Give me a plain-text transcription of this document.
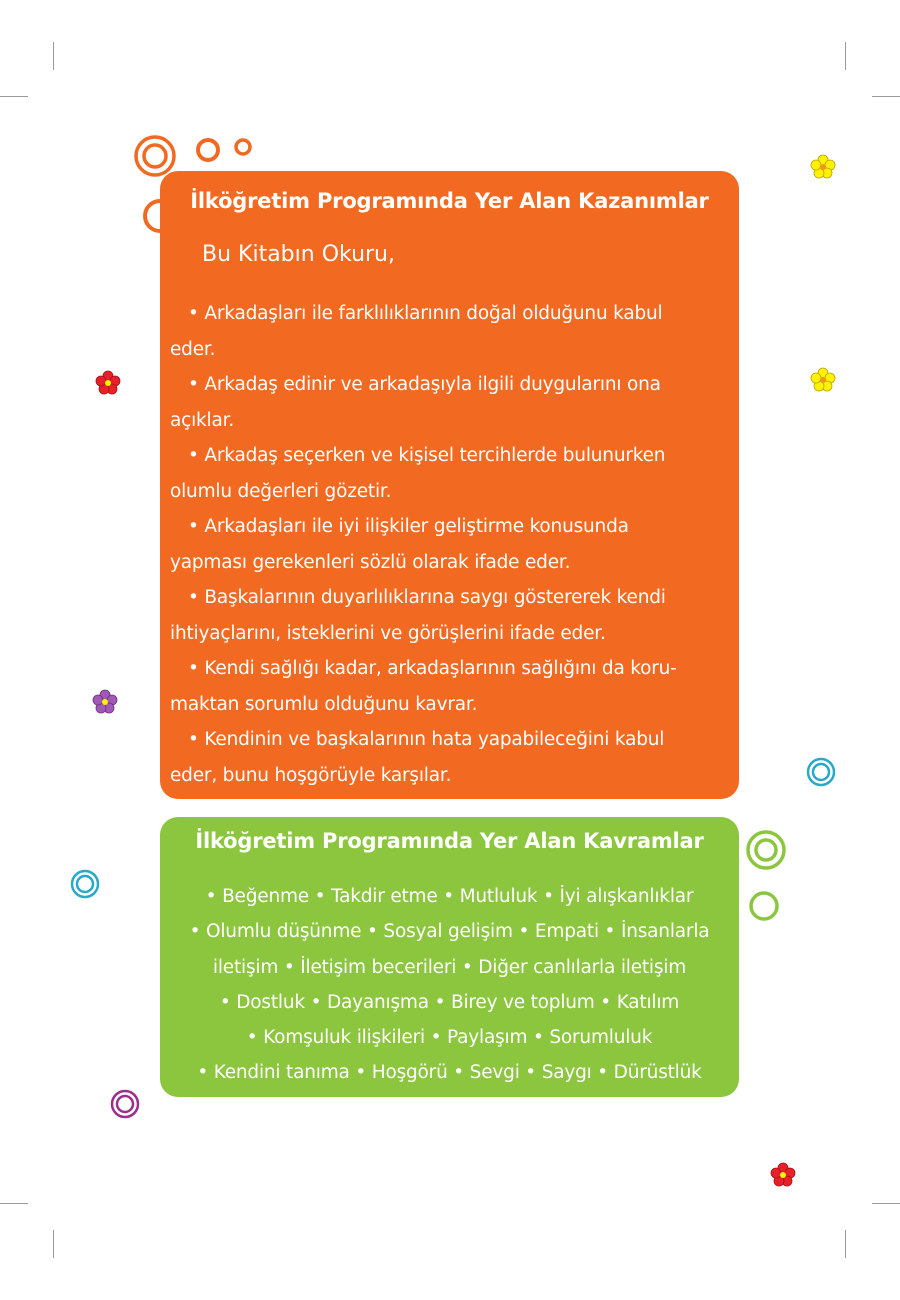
İlköğretim Programında Yer Alan Kazanımlar
Bu Kitabın Okuru,

• Arkadaşları ile farklılıklarının doğal olduğunu kabul
eder.

• Arkadaş edinir ve arkadaşıyla ilgili duygularını ona
açıklar.

• Arkadaş seçerken ve kişisel tercihlerde bulunurken
olumlu değerleri gözetir.

• Arkadaşları ile iyi ilişkiler geliştirme konusunda
yapması gerekenleri sözlü olarak ifade eder.

• Başkalarının duyarlılıklarına saygı göstererek kendi
ihtiyaçlarını, isteklerini ve görüşlerini ifade eder.

• Kendi sağlığı kadar, arkadaşlarının sağlığını da koru-
maktan sorumlu olduğunu kavrar.

• Kendinin ve başkalarının hata yapabileceğini kabul
eder, bunu hoşgörüyle karşılar.

İlköğretim Programında Yer Alan Kavramlar
• Beğenme • Takdir etme • Mutluluk • İyi alışkanlıklar
• Olumlu düşünme • Sosyal gelişim • Empati • İnsanlarla
iletişim • İletişim becerileri • Diğer canlılarla iletişim
• Dostluk • Dayanışma • Birey ve toplum • Katılım
• Komşuluk ilişkileri • Paylaşım • Sorumluluk
• Kendini tanıma • Hoşgörü • Sevgi • Saygı • Dürüstlük
